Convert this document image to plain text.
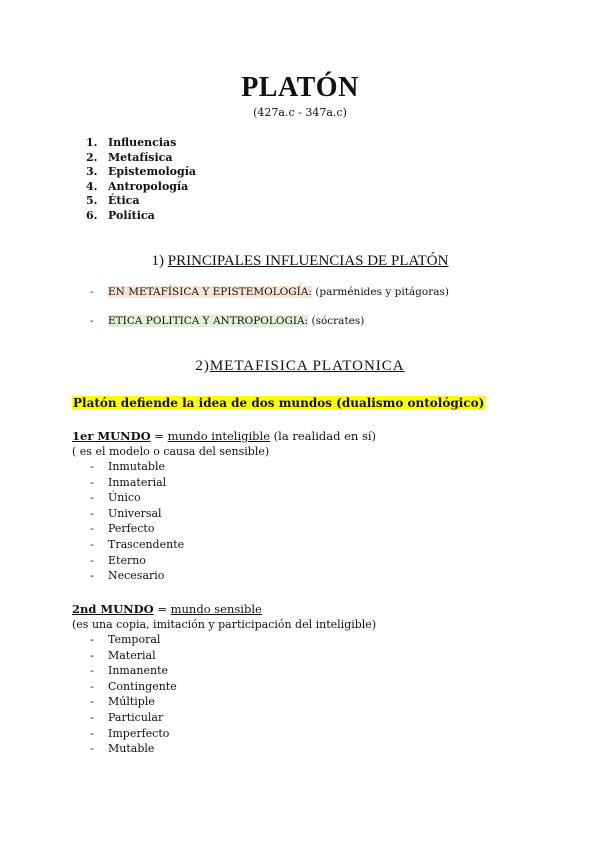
PLATÓN
(427a.c - 347a.c)
1. Influencias
2. Metafísica
3. Epistemología
4. Antropología
5. Ética
6. Política
1) PRINCIPALES INFLUENCIAS DE PLATÓN
-	EN METAFÍSICA Y EPISTEMOLOGÍA: (parménides y pitágoras)
-	ETICA POLITICA Y ANTROPOLOGIA: (sócrates)
2)METAFISICA PLATONICA
Platón defiende la idea de dos mundos (dualismo ontológico)
1er MUNDO = mundo inteligible (la realidad en sí)
( es el modelo o causa del sensible)
-	Inmutable
-	Inmaterial
-	Único
-	Universal
-	Perfecto
-	Trascendente
-	Eterno
-	Necesario
2nd MUNDO = mundo sensible
(es una copia, imitación y participación del inteligible)
-	Temporal
-	Material
-	Inmanente
-	Contingente
-	Múltiple
-	Particular
-	Imperfecto
-	Mutable
